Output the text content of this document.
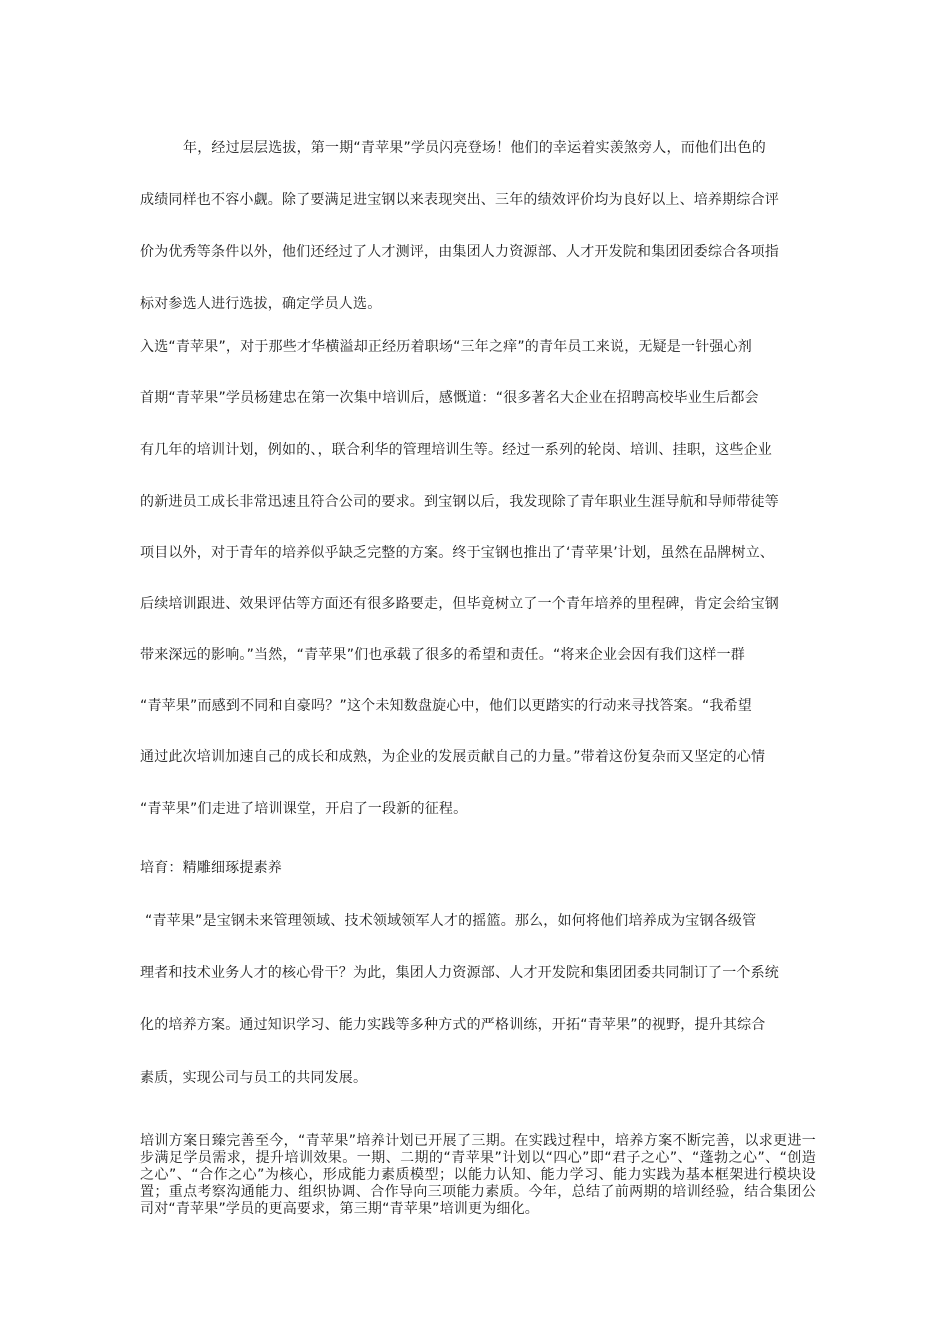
年，经过层层选拔，第一期“青苹果”学员闪亮登场！他们的幸运着实羡煞旁人，而他们出色的
成绩同样也不容小觑。除了要满足进宝钢以来表现突出、三年的绩效评价均为良好以上、培养期综合评
价为优秀等条件以外，他们还经过了人才测评，由集团人力资源部、人才开发院和集团团委综合各项指
标对参选人进行选拔，确定学员人选。
入选“青苹果”，对于那些才华横溢却正经历着职场“三年之痒”的青年员工来说，无疑是一针强心剂
首期“青苹果”学员杨建忠在第一次集中培训后，感慨道：“很多著名大企业在招聘高校毕业生后都会
有几年的培训计划，例如的、，联合利华的管理培训生等。经过一系列的轮岗、培训、挂职，这些企业
的新进员工成长非常迅速且符合公司的要求。到宝钢以后，我发现除了青年职业生涯导航和导师带徒等
项目以外，对于青年的培养似乎缺乏完整的方案。终于宝钢也推出了‘青苹果’计划，虽然在品牌树立、
后续培训跟进、效果评估等方面还有很多路要走，但毕竟树立了一个青年培养的里程碑，肯定会给宝钢
带来深远的影响。”当然，“青苹果”们也承载了很多的希望和责任。“将来企业会因有我们这样一群
“青苹果”而感到不同和自豪吗？”这个未知数盘旋心中，他们以更踏实的行动来寻找答案。“我希望
通过此次培训加速自己的成长和成熟，为企业的发展贡献自己的力量。”带着这份复杂而又坚定的心情
“青苹果”们走进了培训课堂，开启了一段新的征程。
培育：精雕细琢提素养
“青苹果”是宝钢未来管理领域、技术领域领军人才的摇篮。那么，如何将他们培养成为宝钢各级管
理者和技术业务人才的核心骨干？为此，集团人力资源部、人才开发院和集团团委共同制订了一个系统
化的培养方案。通过知识学习、能力实践等多种方式的严格训练，开拓“青苹果”的视野，提升其综合
素质，实现公司与员工的共同发展。
培训方案日臻完善至今，“青苹果”培养计划已开展了三期。在实践过程中，培养方案不断完善，以求更进一步满足学员需求，提升培训效果。一期、二期的“青苹果”计划以“四心”即“君子之心”、“蓬勃之心”、“创造之心”、“合作之心”为核心，形成能力素质模型；以能力认知、能力学习、能力实践为基本框架进行模块设置；重点考察沟通能力、组织协调、合作导向三项能力素质。今年，总结了前两期的培训经验，结合集团公司对“青苹果”学员的更高要求，第三期“青苹果”培训更为细化。
